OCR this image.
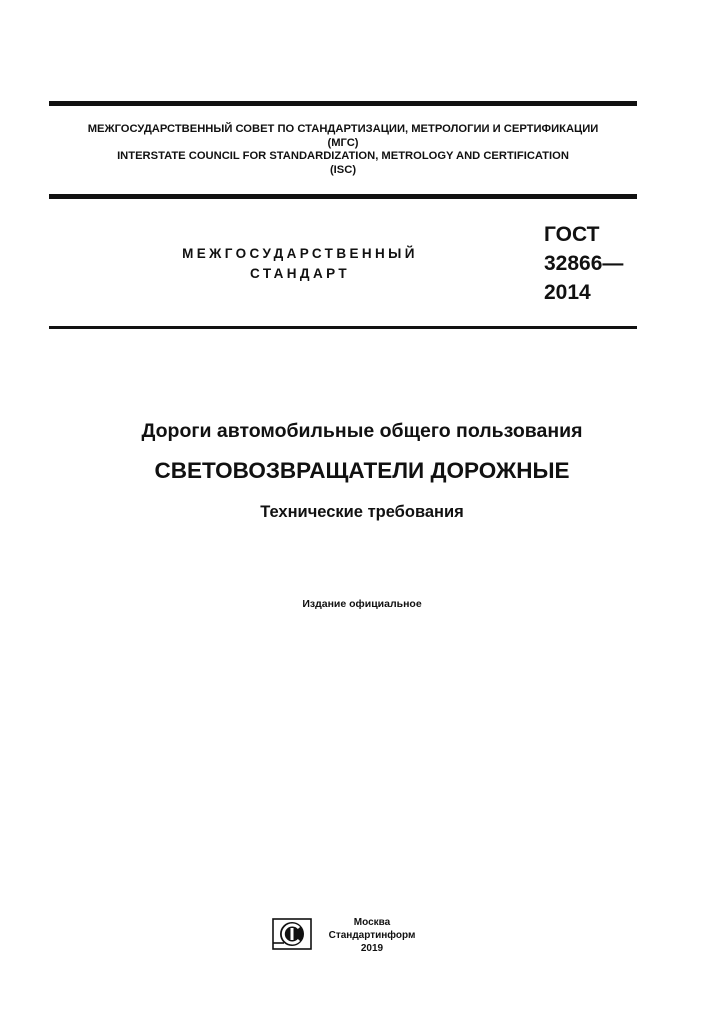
МЕЖГОСУДАРСТВЕННЫЙ СОВЕТ ПО СТАНДАРТИЗАЦИИ, МЕТРОЛОГИИ И СЕРТИФИКАЦИИ
(МГС)
INTERSTATE COUNCIL FOR STANDARDIZATION, METROLOGY AND CERTIFICATION
(ISC)
МЕЖГОСУДАРСТВЕННЫЙ
СТАНДАРТ
ГОСТ
32866—
2014
Дороги автомобильные общего пользования
СВЕТОВОЗВРАЩАТЕЛИ ДОРОЖНЫЕ
Технические требования
Издание официальное
Москва
Стандартинформ
2019
